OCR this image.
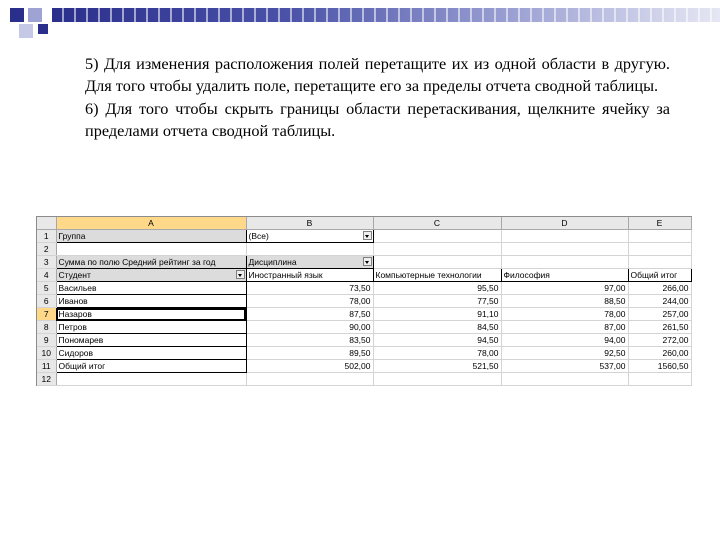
5) Для изменения расположения полей перетащите их из одной области в другую. Для того чтобы удалить поле, перетащите его за пределы отчета сводной таблицы.

6) Для того чтобы скрыть границы области перетаскивания, щелкните ячейку за пределами отчета сводной таблицы.

	A	B	C	D	E
1	Группа	(Все)

2					
3	Сумма по полю Средний рейтинг за год	Дисциплина

4	Студент	Иностранный язык	Компьютерные технологии	Философия	Общий итог
5	Васильев	73,50	95,50	97,00	266,00
6	Иванов	78,00	77,50	88,50	244,00
7	Назаров	87,50	91,10	78,00	257,00
8	Петров	90,00	84,50	87,00	261,50
9	Пономарев	83,50	94,50	94,00	272,00
10	Сидоров	89,50	78,00	92,50	260,00
11	Общий итог	502,00	521,50	537,00	1560,50
12					
